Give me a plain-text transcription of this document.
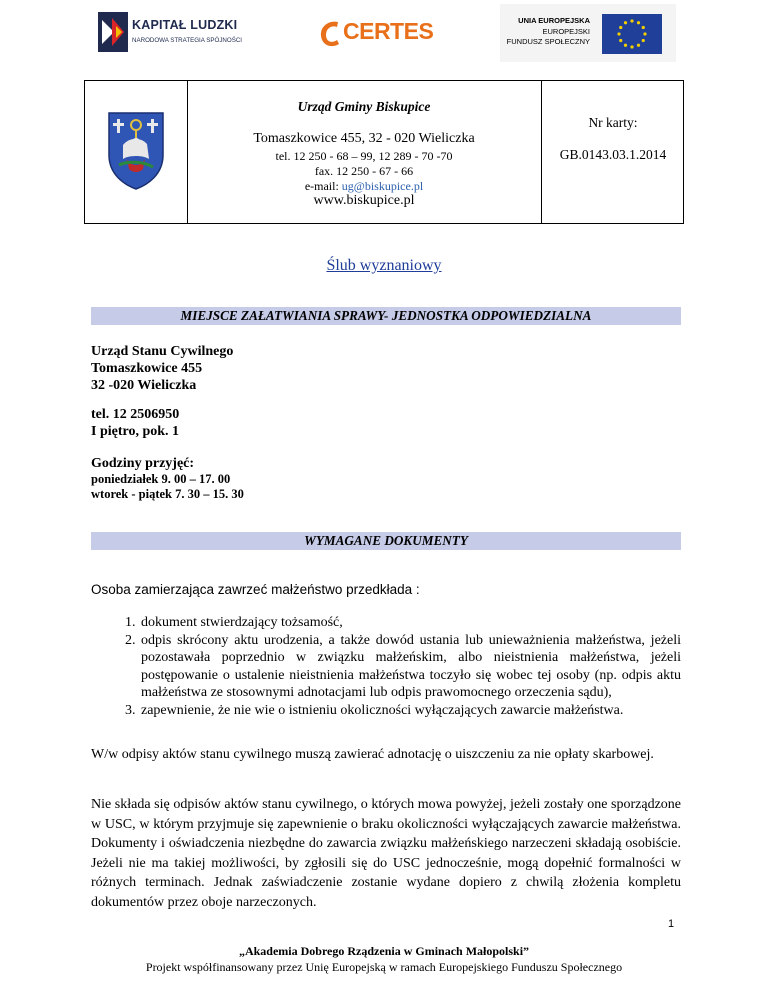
KAPITAŁ LUDZKI
NARODOWA STRATEGIA SPÓJNOŚCI	CERTES	UNIA EUROPEJSKA
EUROPEJSKI
FUNDUSZ SPOŁECZNY
Urząd Gminy Biskupice
Tomaszkowice 455, 32 - 020 Wieliczka
tel. 12 250 - 68 – 99, 12 289 - 70 -70
fax. 12 250 - 67 - 66
e-mail: ug@biskupice.pl
www.biskupice.pl
Nr karty:
GB.0143.03.1.2014
Ślub wyznaniowy
MIEJSCE ZAŁATWIANIA SPRAWY- JEDNOSTKA ODPOWIEDZIALNA
Urząd Stanu Cywilnego
Tomaszkowice 455
32 -020 Wieliczka
tel. 12 2506950
I piętro, pok. 1
Godziny przyjęć:
poniedziałek 9. 00 – 17. 00
wtorek - piątek 7. 30 – 15. 30
WYMAGANE DOKUMENTY
Osoba zamierzająca zawrzeć małżeństwo przedkłada :
1. dokument stwierdzający tożsamość,
2. odpis skrócony aktu urodzenia, a także dowód ustania lub unieważnienia małżeństwa, jeżeli pozostawała poprzednio w związku małżeńskim, albo nieistnienia małżeństwa, jeżeli postępowanie o ustalenie nieistnienia małżeństwa toczyło się wobec tej osoby (np. odpis aktu małżeństwa ze stosownymi adnotacjami lub odpis prawomocnego orzeczenia sądu),
3. zapewnienie, że nie wie o istnieniu okoliczności wyłączających zawarcie małżeństwa.
W/w odpisy aktów stanu cywilnego muszą zawierać adnotację o uiszczeniu za nie opłaty skarbowej.
Nie składa się odpisów aktów stanu cywilnego, o których mowa powyżej, jeżeli zostały one sporządzone w USC, w którym przyjmuje się zapewnienie o braku okoliczności wyłączających zawarcie małżeństwa. Dokumenty i oświadczenia niezbędne do zawarcia związku małżeńskiego narzeczeni składają osobiście. Jeżeli nie ma takiej możliwości, by zgłosili się do USC jednocześnie, mogą dopełnić formalności w różnych terminach. Jednak zaświadczenie zostanie wydane dopiero z chwilą złożenia kompletu dokumentów przez oboje narzeczonych.
1
„Akademia Dobrego Rządzenia w Gminach Małopolski”
Projekt współfinansowany przez Unię Europejską w ramach Europejskiego Funduszu Społecznego
